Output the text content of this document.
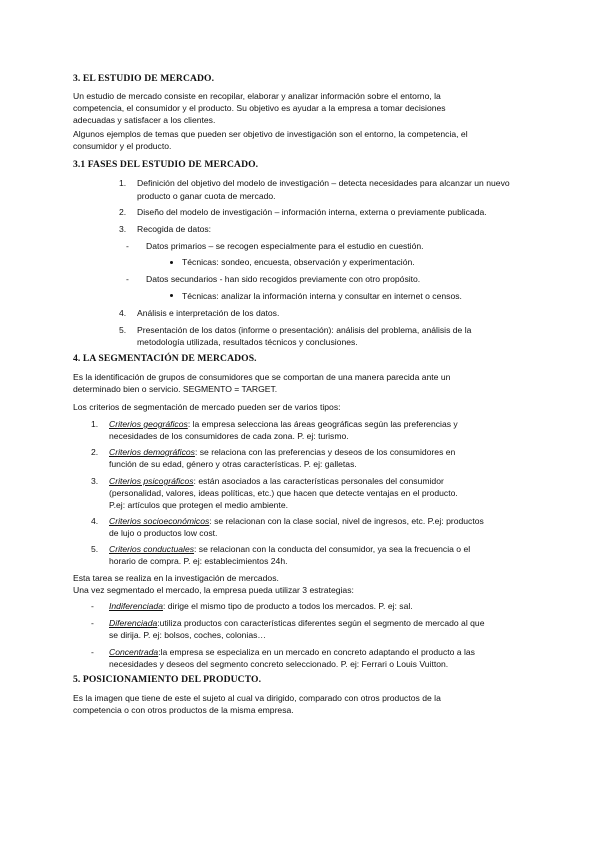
3. EL ESTUDIO DE MERCADO.
Un estudio de mercado consiste en recopilar, elaborar y analizar información sobre el entorno, la
competencia, el consumidor y el producto. Su objetivo es ayudar a la empresa a tomar decisiones
adecuadas y satisfacer a los clientes.
Algunos ejemplos de temas que pueden ser objetivo de investigación son el entorno, la competencia, el
consumidor y el producto.
3.1 FASES DEL ESTUDIO DE MERCADO.
1. Definición del objetivo del modelo de investigación – detecta necesidades para alcanzar un nuevo
producto o ganar cuota de mercado.
2. Diseño del modelo de investigación – información interna, externa o previamente publicada.
3. Recogida de datos:
- Datos primarios – se recogen especialmente para el estudio en cuestión.
Técnicas: sondeo, encuesta, observación y experimentación.
- Datos secundarios - han sido recogidos previamente con otro propósito.
Técnicas: analizar la información interna y consultar en internet o censos.
4. Análisis e interpretación de los datos.
5. Presentación de los datos (informe o presentación): análisis del problema, análisis de la
metodología utilizada, resultados técnicos y conclusiones.
4. LA SEGMENTACIÓN DE MERCADOS.
Es la identificación de grupos de consumidores que se comportan de una manera parecida ante un
determinado bien o servicio. SEGMENTO = TARGET.
Los criterios de segmentación de mercado pueden ser de varios tipos:
1. Criterios geográficos: la empresa selecciona las áreas geográficas según las preferencias y
necesidades de los consumidores de cada zona. P. ej: turismo.
2. Criterios demográficos: se relaciona con las preferencias y deseos de los consumidores en
función de su edad, género y otras características. P. ej: galletas.
3. Criterios psicográficos: están asociados a las características personales del consumidor
(personalidad, valores, ideas políticas, etc.) que hacen que detecte ventajas en el producto.
P.ej: artículos que protegen el medio ambiente.
4. Criterios socioeconómicos: se relacionan con la clase social, nivel de ingresos, etc. P.ej: productos
de lujo o productos low cost.
5. Criterios conductuales: se relacionan con la conducta del consumidor, ya sea la frecuencia o el
horario de compra. P. ej: establecimientos 24h.
Esta tarea se realiza en la investigación de mercados.
Una vez segmentado el mercado, la empresa pueda utilizar 3 estrategias:
- Indiferenciada: dirige el mismo tipo de producto a todos los mercados. P. ej: sal.
- Diferenciada:utiliza productos con características diferentes según el segmento de mercado al que
se dirija. P. ej: bolsos, coches, colonias…
- Concentrada:la empresa se especializa en un mercado en concreto adaptando el producto a las
necesidades y deseos del segmento concreto seleccionado. P. ej: Ferrari o Louis Vuitton.
5. POSICIONAMIENTO DEL PRODUCTO.
Es la imagen que tiene de este el sujeto al cual va dirigido, comparado con otros productos de la
competencia o con otros productos de la misma empresa.
